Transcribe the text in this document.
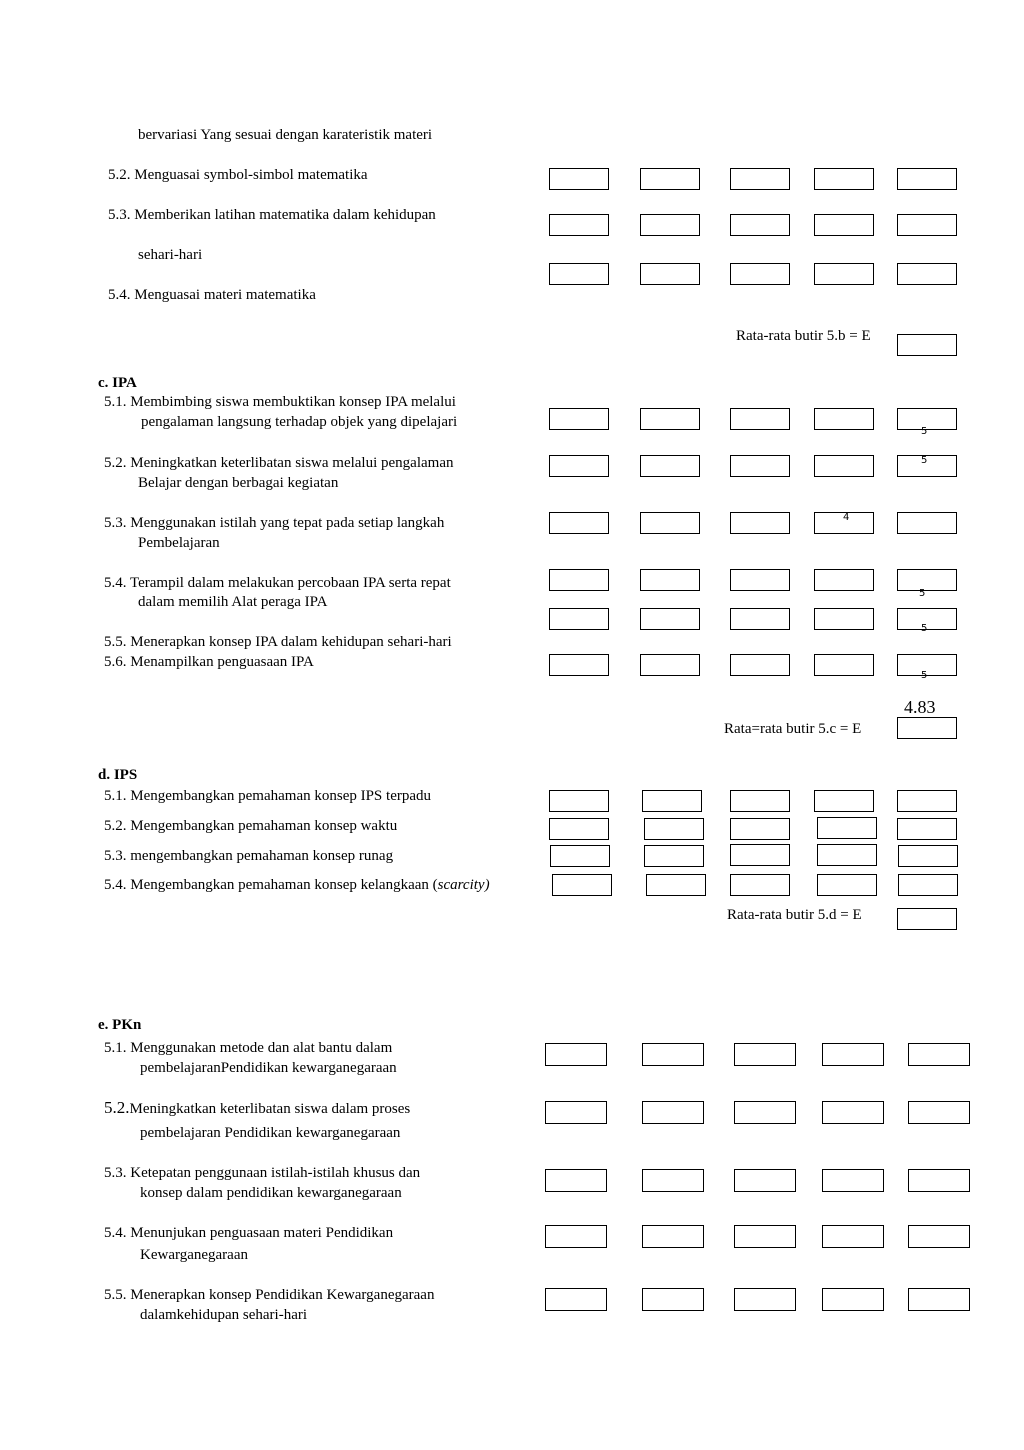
bervariasi Yang sesuai dengan karateristik materi
5.2. Menguasai symbol-simbol matematika
5.3. Memberikan latihan matematika dalam kehidupan
sehari-hari
5.4. Menguasai materi matematika
Rata-rata butir 5.b = E
c. IPA
5.1. Membimbing siswa membuktikan konsep IPA melalui
pengalaman langsung terhadap objek yang dipelajari
5.2. Meningkatkan keterlibatan siswa melalui pengalaman
Belajar dengan berbagai kegiatan
5.3. Menggunakan istilah yang tepat pada setiap langkah
Pembelajaran
5.4. Terampil dalam melakukan percobaan IPA serta repat
dalam memilih Alat peraga IPA
5.5. Menerapkan konsep IPA dalam kehidupan sehari-hari
5.6. Menampilkan penguasaan IPA
5
5
4
5
5
5
4.83
Rata=rata butir 5.c = E
d. IPS
5.1. Mengembangkan pemahaman konsep IPS terpadu
5.2. Mengembangkan pemahaman konsep waktu
5.3. mengembangkan pemahaman konsep runag
5.4. Mengembangkan pemahaman konsep kelangkaan (scarcity)
Rata-rata butir 5.d = E
e. PKn
5.1. Menggunakan metode dan alat bantu dalam
pembelajaranPendidikan kewarganegaraan
5.2.Meningkatkan keterlibatan siswa dalam proses
pembelajaran Pendidikan kewarganegaraan
5.3. Ketepatan penggunaan istilah-istilah khusus dan
konsep dalam pendidikan kewarganegaraan
5.4. Menunjukan penguasaan materi Pendidikan
Kewarganegaraan
5.5. Menerapkan konsep Pendidikan Kewarganegaraan
dalamkehidupan sehari-hari
